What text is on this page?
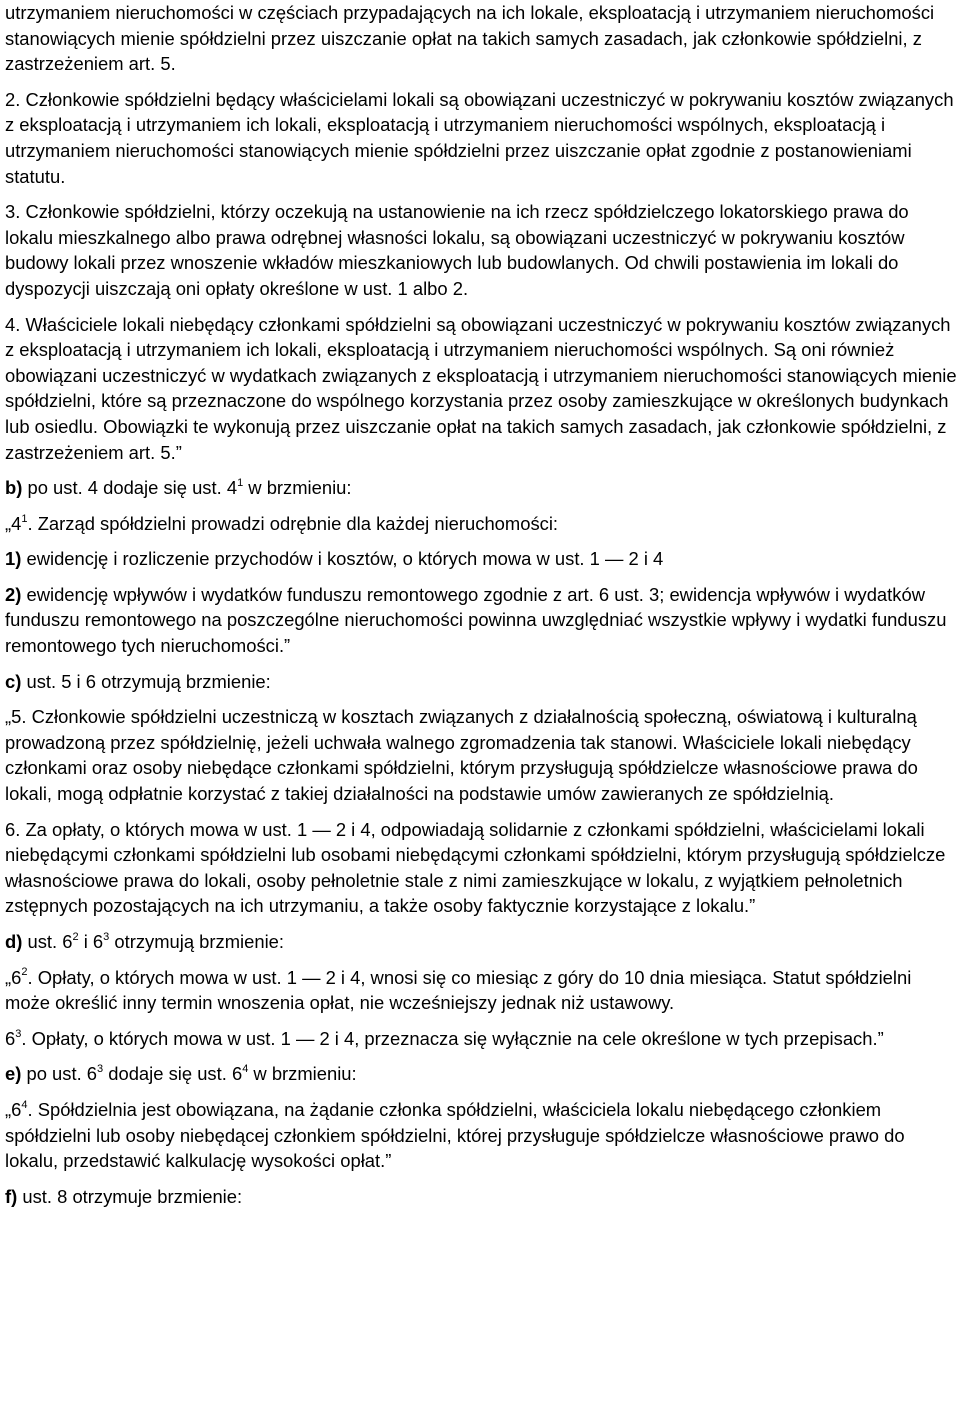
utrzymaniem nieruchomości w częściach przypadających na ich lokale, eksploatacją i utrzymaniem nieruchomości stanowiących mienie spółdzielni przez uiszczanie opłat na takich samych zasadach, jak członkowie spółdzielni, z zastrzeżeniem art. 5.

2. Członkowie spółdzielni będący właścicielami lokali są obowiązani uczestniczyć w pokrywaniu kosztów związanych z eksploatacją i utrzymaniem ich lokali, eksploatacją i utrzymaniem nieruchomości wspólnych, eksploatacją i utrzymaniem nieruchomości stanowiących mienie spółdzielni przez uiszczanie opłat zgodnie z postanowieniami statutu.

3. Członkowie spółdzielni, którzy oczekują na ustanowienie na ich rzecz spółdzielczego lokatorskiego prawa do lokalu mieszkalnego albo prawa odrębnej własności lokalu, są obowiązani uczestniczyć w pokrywaniu kosztów budowy lokali przez wnoszenie wkładów mieszkaniowych lub budowlanych. Od chwili postawienia im lokali do dyspozycji uiszczają oni opłaty określone w ust. 1 albo 2.

4. Właściciele lokali niebędący członkami spółdzielni są obowiązani uczestniczyć w pokrywaniu kosztów związanych z eksploatacją i utrzymaniem ich lokali, eksploatacją i utrzymaniem nieruchomości wspólnych. Są oni również obowiązani uczestniczyć w wydatkach związanych z eksploatacją i utrzymaniem nieruchomości stanowiących mienie spółdzielni, które są przeznaczone do wspólnego korzystania przez osoby zamieszkujące w określonych budynkach lub osiedlu. Obowiązki te wykonują przez uiszczanie opłat na takich samych zasadach, jak członkowie spółdzielni, z zastrzeżeniem art. 5.”

b) po ust. 4 dodaje się ust. $4^1$ w brzmieniu:

$„4^1$. Zarząd spółdzielni prowadzi odrębnie dla każdej nieruchomości:

1) ewidencję i rozliczenie przychodów i kosztów, o których mowa w ust. 1 — 2 i 4

2) ewidencję wpływów i wydatków funduszu remontowego zgodnie z art. 6 ust. 3; ewidencja wpływów i wydatków funduszu remontowego na poszczególne nieruchomości powinna uwzględniać wszystkie wpływy i wydatki funduszu remontowego tych nieruchomości.”

c) ust. 5 i 6 otrzymują brzmienie:

„5. Członkowie spółdzielni uczestniczą w kosztach związanych z działalnością społeczną, oświatową i kulturalną prowadzoną przez spółdzielnię, jeżeli uchwała walnego zgromadzenia tak stanowi. Właściciele lokali niebędący członkami oraz osoby niebędące członkami spółdzielni, którym przysługują spółdzielcze własnościowe prawa do lokali, mogą odpłatnie korzystać z takiej działalności na podstawie umów zawieranych ze spółdzielnią.

6. Za opłaty, o których mowa w ust. 1 — 2 i 4, odpowiadają solidarnie z członkami spółdzielni, właścicielami lokali niebędącymi członkami spółdzielni lub osobami niebędącymi członkami spółdzielni, którym przysługują spółdzielcze własnościowe prawa do lokali, osoby pełnoletnie stale z nimi zamieszkujące w lokalu, z wyjątkiem pełnoletnich zstępnych pozostających na ich utrzymaniu, a także osoby faktycznie korzystające z lokalu.”

d) ust. $6^2$ i $6^3$ otrzymują brzmienie:

$„6^2$. Opłaty, o których mowa w ust. 1 — 2 i 4, wnosi się co miesiąc z góry do 10 dnia miesiąca. Statut spółdzielni może określić inny termin wnoszenia opłat, nie wcześniejszy jednak niż ustawowy.

$6^3$. Opłaty, o których mowa w ust. 1 — 2 i 4, przeznacza się wyłącznie na cele określone w tych przepisach.”

e) po ust. $6^3$ dodaje się ust. $6^4$ w brzmieniu:

$„6^4$. Spółdzielnia jest obowiązana, na żądanie członka spółdzielni, właściciela lokalu niebędącego członkiem spółdzielni lub osoby niebędącej członkiem spółdzielni, której przysługuje spółdzielcze własnościowe prawo do lokalu, przedstawić kalkulację wysokości opłat.”

f) ust. 8 otrzymuje brzmienie:
